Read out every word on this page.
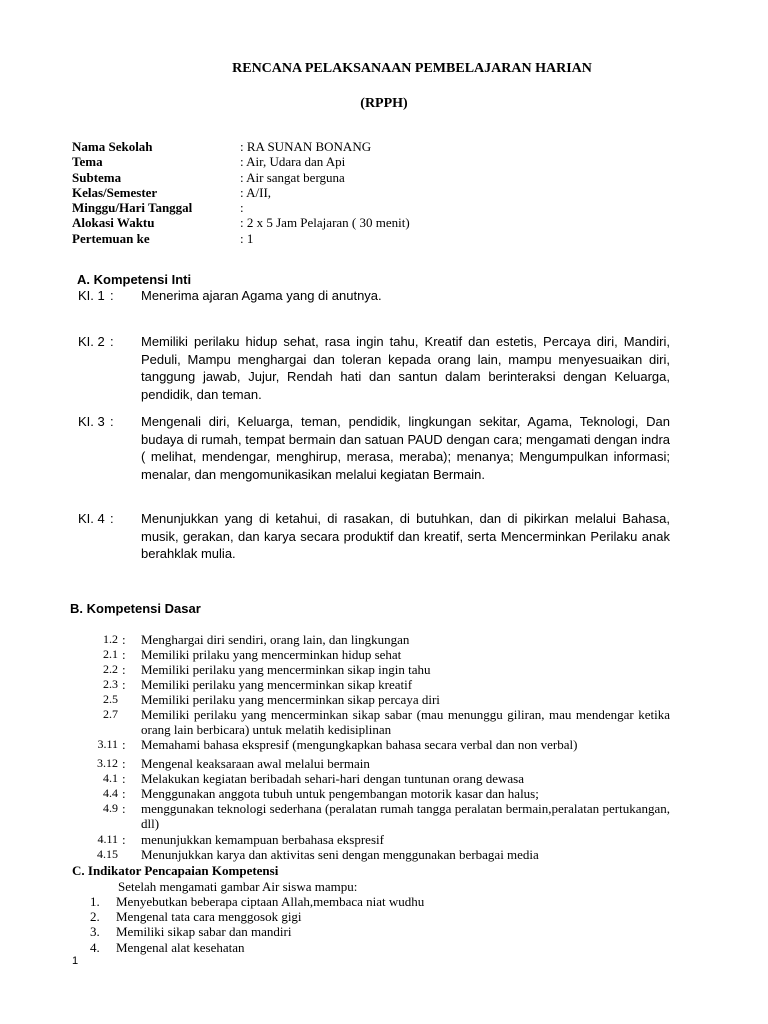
RENCANA PELAKSANAAN PEMBELAJARAN HARIAN
(RPPH)
Nama Sekolah	: RA SUNAN BONANG
Tema	: Air, Udara dan Api
Subtema	: Air sangat berguna
Kelas/Semester	: A/II,
Minggu/Hari Tanggal	:
Alokasi Waktu	: 2 x 5 Jam Pelajaran ( 30 menit)
Pertemuan ke	: 1
A. Kompetensi Inti
KI. 1 : Menerima ajaran Agama yang di anutnya.
KI. 2 : Memiliki perilaku hidup sehat, rasa ingin tahu, Kreatif dan estetis, Percaya diri, Mandiri, Peduli, Mampu menghargai dan toleran kepada orang lain, mampu menyesuaikan diri, tanggung jawab, Jujur, Rendah hati dan santun dalam berinteraksi dengan Keluarga, pendidik, dan teman.
KI. 3 : Mengenali diri, Keluarga, teman, pendidik, lingkungan sekitar, Agama, Teknologi, Dan budaya di rumah, tempat bermain dan satuan PAUD dengan cara; mengamati dengan indra ( melihat, mendengar, menghirup, merasa, meraba); menanya; Mengumpulkan informasi; menalar, dan mengomunikasikan melalui kegiatan Bermain.
KI. 4 : Menunjukkan yang di ketahui, di rasakan, di butuhkan, dan di pikirkan melalui Bahasa, musik, gerakan, dan karya secara produktif dan kreatif, serta Mencerminkan Perilaku anak berahklak mulia.
B. Kompetensi Dasar
1.2 : Menghargai diri sendiri, orang lain, dan lingkungan
2.1 : Memiliki prilaku yang mencerminkan hidup sehat
2.2 : Memiliki perilaku yang mencerminkan sikap ingin tahu
2.3 : Memiliki perilaku yang mencerminkan sikap kreatif
2.5 Memiliki perilaku yang mencerminkan sikap percaya diri
2.7 Memiliki perilaku yang mencerminkan sikap sabar (mau menunggu giliran, mau mendengar ketika orang lain berbicara) untuk melatih kedisiplinan
3.11 : Memahami bahasa ekspresif (mengungkapkan bahasa secara verbal dan non verbal)
3.12 : Mengenal keaksaraan awal melalui bermain
4.1 : Melakukan kegiatan beribadah sehari-hari dengan tuntunan orang dewasa
4.4 : Menggunakan anggota tubuh untuk pengembangan motorik kasar dan halus;
4.9 : menggunakan teknologi sederhana (peralatan rumah tangga peralatan bermain,peralatan pertukangan, dll)
4.11 : menunjukkan kemampuan berbahasa ekspresif
4.15 Menunjukkan karya dan aktivitas seni dengan menggunakan berbagai media
C. Indikator Pencapaian Kompetensi
Setelah mengamati gambar Air siswa mampu:
1.	Menyebutkan beberapa ciptaan Allah,membaca niat wudhu
2.	Mengenal tata cara menggosok gigi
3.	Memiliki sikap sabar dan mandiri
4.	Mengenal alat kesehatan
1
